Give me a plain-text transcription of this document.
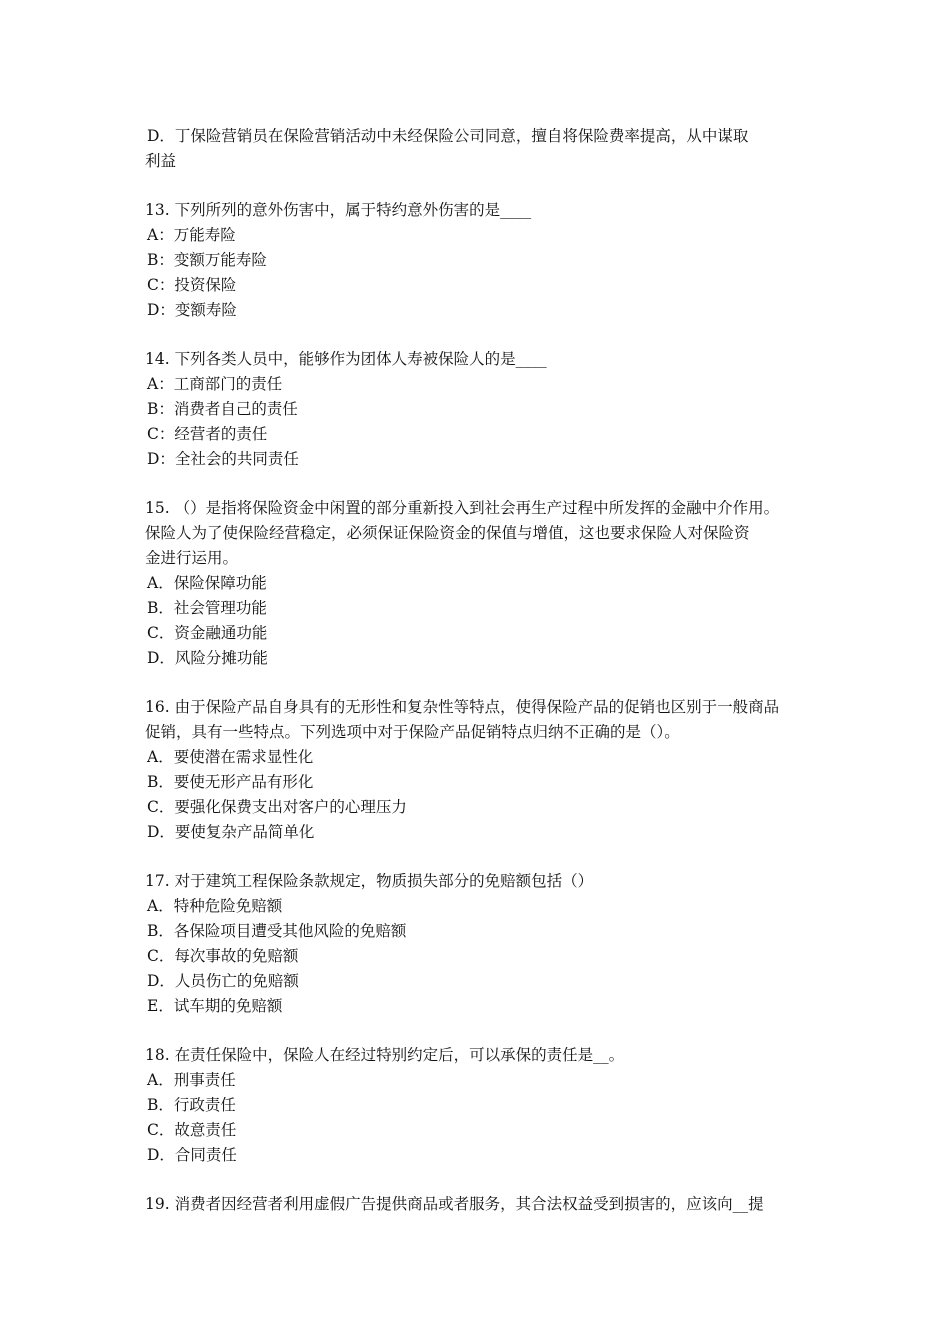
D．丁保险营销员在保险营销活动中未经保险公司同意，擅自将保险费率提高，从中谋取
利益
13. 下列所列的意外伤害中，属于特约意外伤害的是____
A：万能寿险
B：变额万能寿险
C：投资保险
D：变额寿险
14. 下列各类人员中，能够作为团体人寿被保险人的是____
A：工商部门的责任
B：消费者自己的责任
C：经营者的责任
D：全社会的共同责任
15. （）是指将保险资金中闲置的部分重新投入到社会再生产过程中所发挥的金融中介作用。
保险人为了使保险经营稳定，必须保证保险资金的保值与增值，这也要求保险人对保险资
金进行运用。
A．保险保障功能
B．社会管理功能
C．资金融通功能
D．风险分摊功能
16. 由于保险产品自身具有的无形性和复杂性等特点，使得保险产品的促销也区别于一般商品
促销，具有一些特点。下列选项中对于保险产品促销特点归纳不正确的是（）。
A．要使潜在需求显性化
B．要使无形产品有形化
C．要强化保费支出对客户的心理压力
D．要使复杂产品简单化
17. 对于建筑工程保险条款规定，物质损失部分的免赔额包括（）
A．特种危险免赔额
B．各保险项目遭受其他风险的免赔额
C．每次事故的免赔额
D．人员伤亡的免赔额
E．试车期的免赔额
18. 在责任保险中，保险人在经过特别约定后，可以承保的责任是__。
A．刑事责任
B．行政责任
C．故意责任
D．合同责任
19. 消费者因经营者利用虚假广告提供商品或者服务，其合法权益受到损害的，应该向__提
